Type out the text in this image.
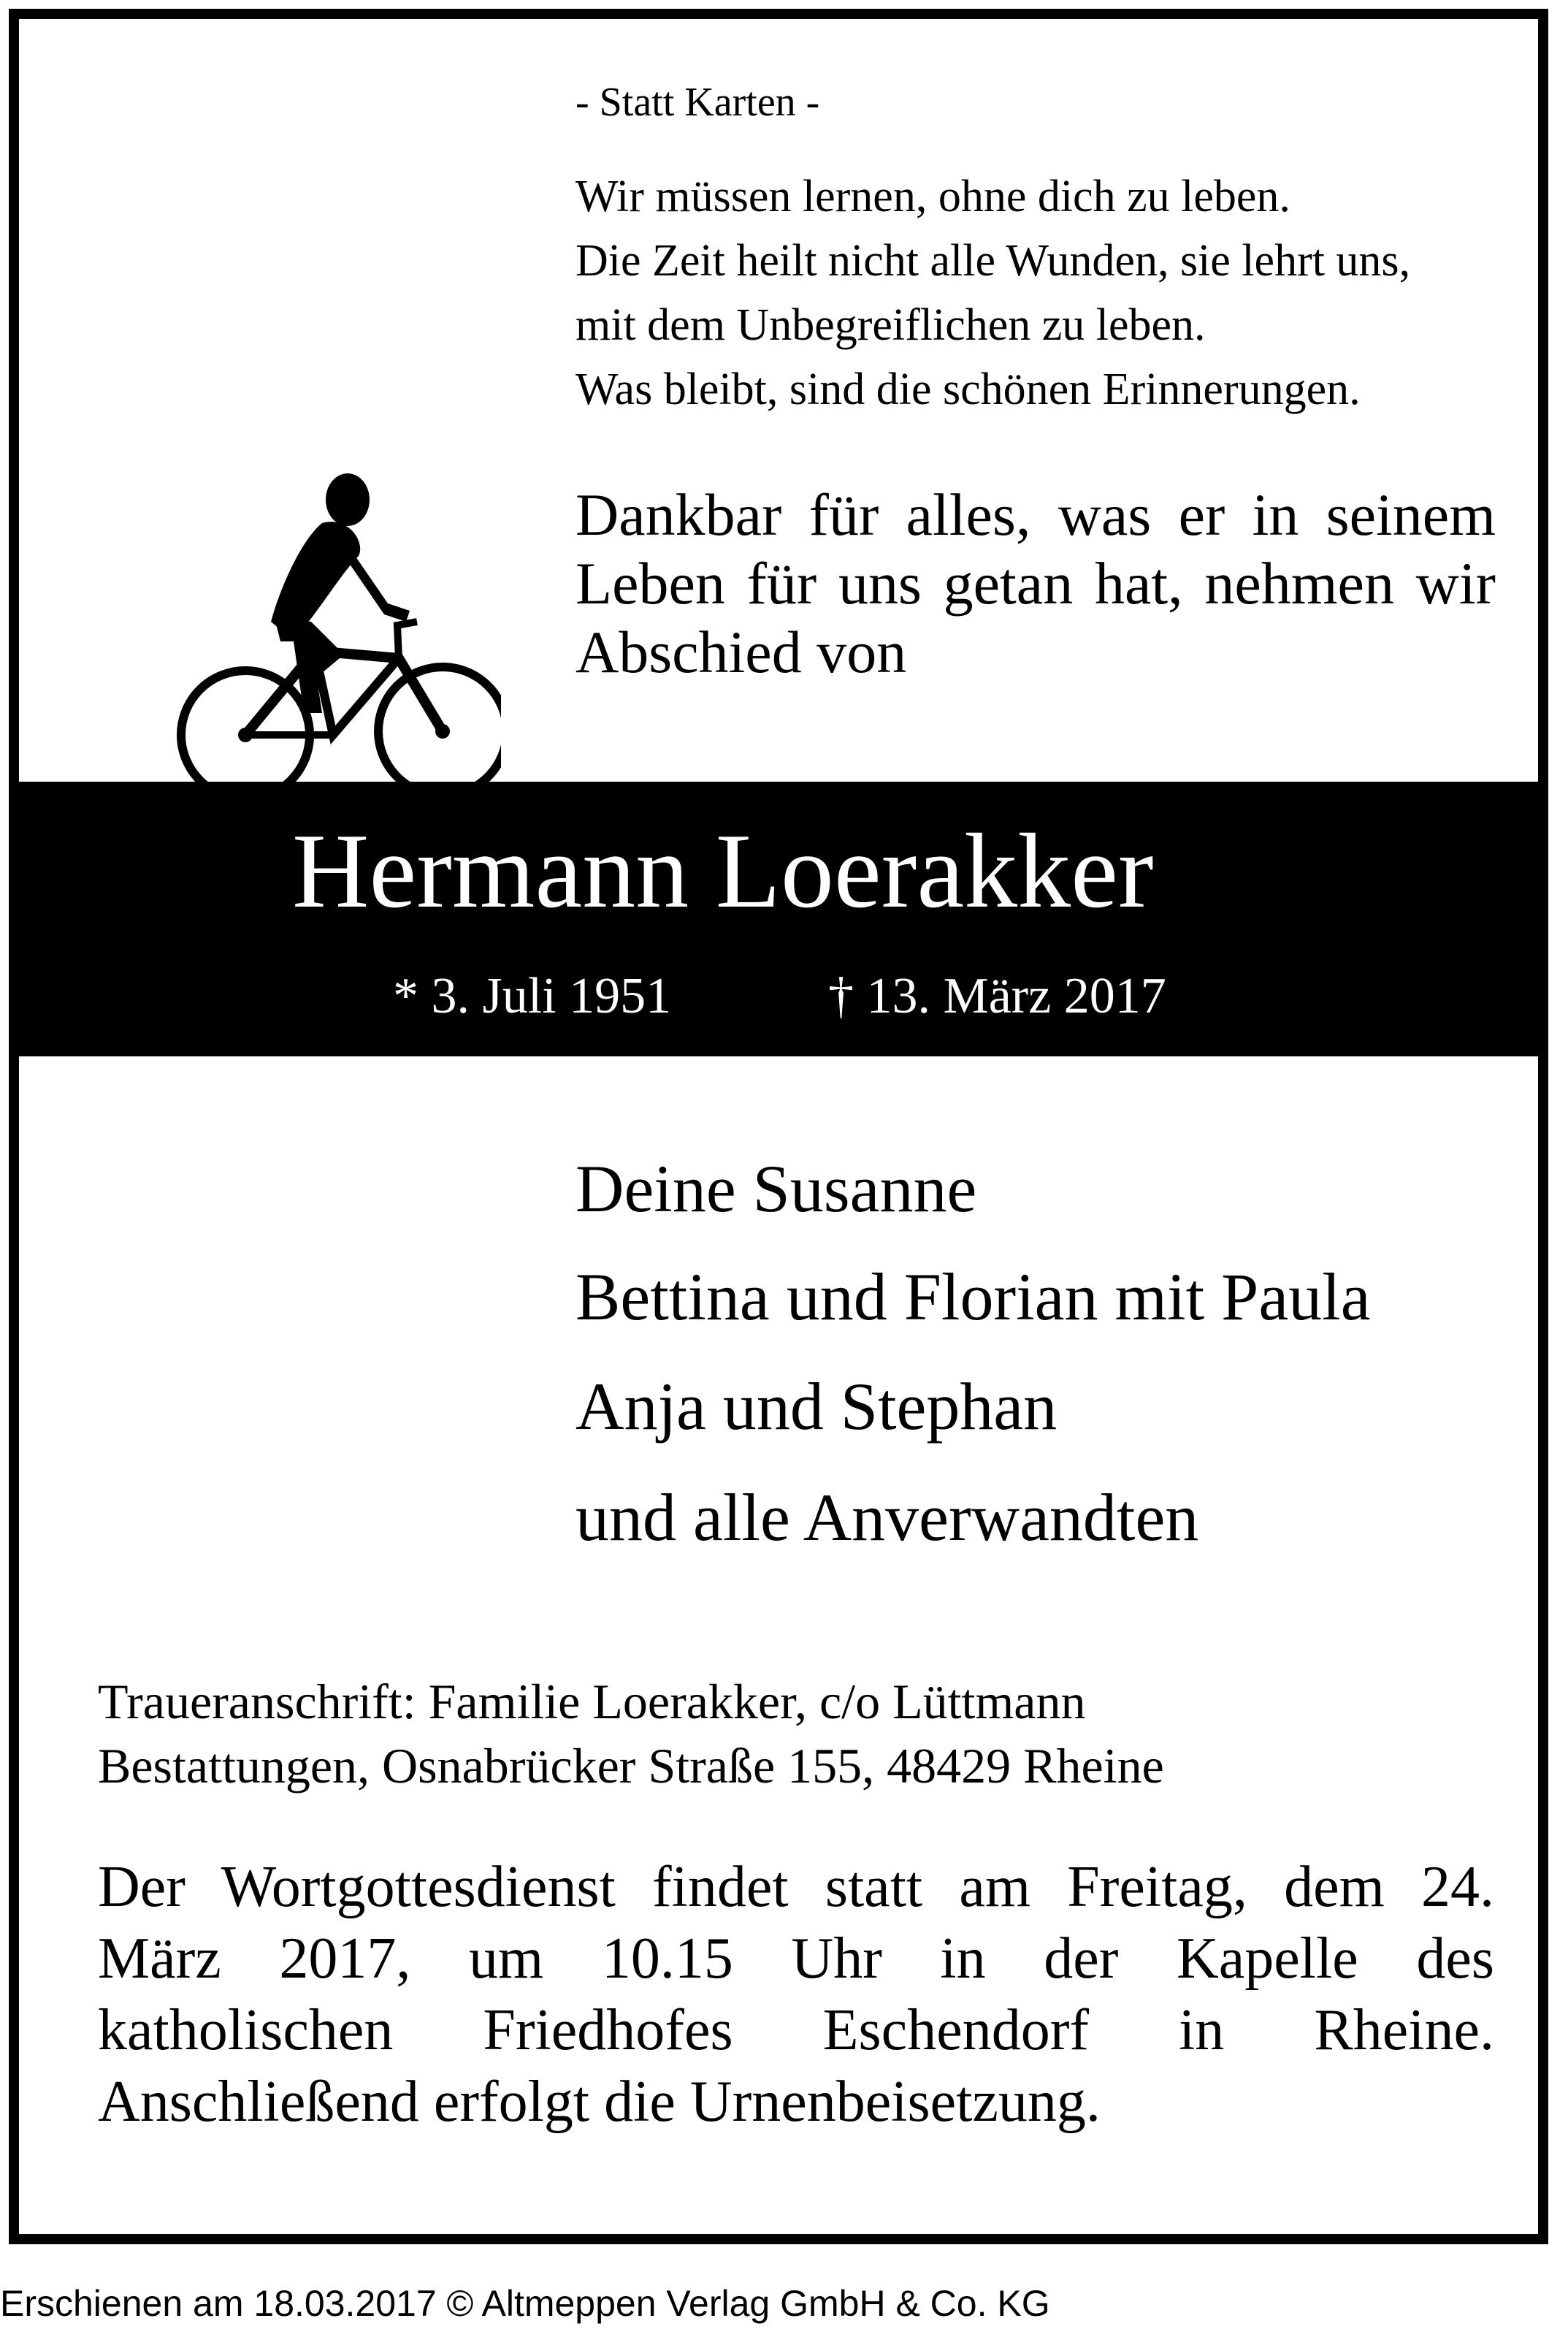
- Statt Karten -

Wir müssen lernen, ohne dich zu leben.

Die Zeit heilt nicht alle Wunden, sie lehrt uns,

mit dem Unbegreiflichen zu leben.

Was bleibt, sind die schönen Erinnerungen.

Dankbar für alles, was er in seinem

Leben für uns getan hat, nehmen wir

Abschied von

Hermann Loerakker

* 3. Juli 1951	† 13. März 2017

Deine Susanne

Bettina und Florian mit Paula

Anja und Stephan

und alle Anverwandten

Traueranschrift: Familie Loerakker, c/o Lüttmann

Bestattungen, Osnabrücker Straße 155, 48429 Rheine

Der Wortgottesdienst findet statt am Freitag, dem 24.

März 2017, um 10.15 Uhr in der Kapelle des

katholischen Friedhofes Eschendorf in Rheine.

Anschließend erfolgt die Urnenbeisetzung.

Erschienen am 18.03.2017 © Altmeppen Verlag GmbH & Co. KG
